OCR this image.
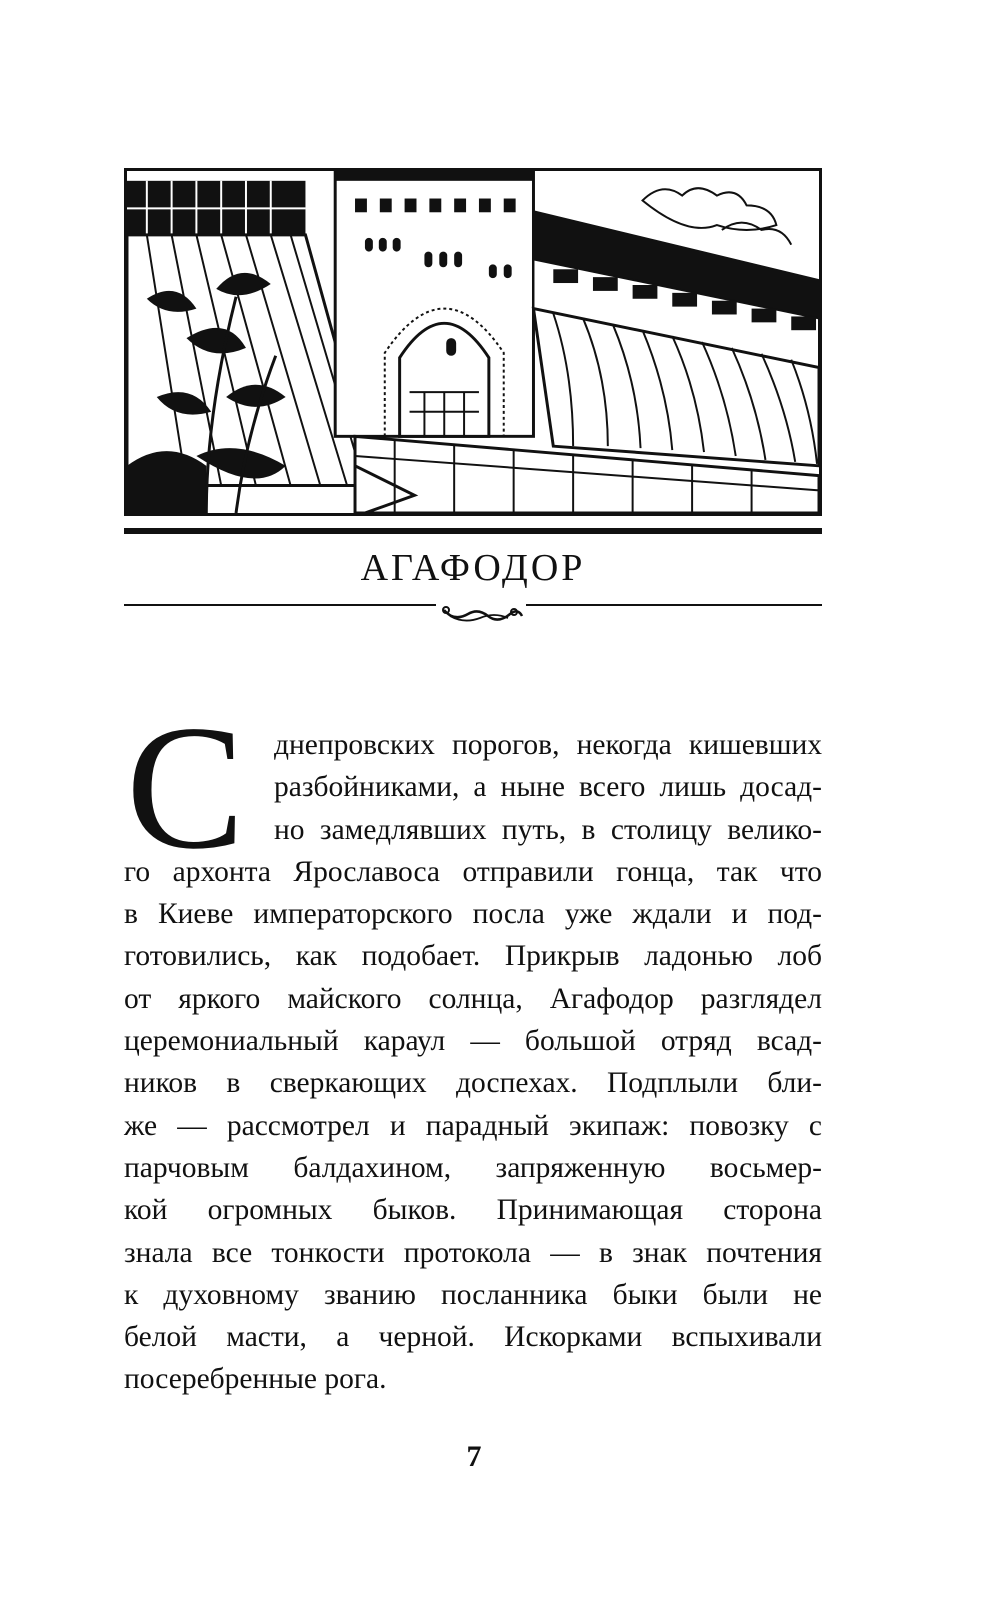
АГАФОДОР
С днепровских порогов, некогда кишевших
разбойниками, а ныне всего лишь досад-
но замедлявших путь, в столицу велико-
го архонта Ярославоса отправили гонца, так что
в Киеве императорского посла уже ждали и под-
готовились, как подобает. Прикрыв ладонью лоб
от яркого майского солнца, Агафодор разглядел
церемониальный караул — большой отряд всад-
ников в сверкающих доспехах. Подплыли бли-
же — рассмотрел и парадный экипаж: повозку с
парчовым балдахином, запряженную восьмер-
кой огромных быков. Принимающая сторона
знала все тонкости протокола — в знак почтения
к духовному званию посланника быки были не
белой масти, а черной. Искорками вспыхивали
посеребренные рога.
7
